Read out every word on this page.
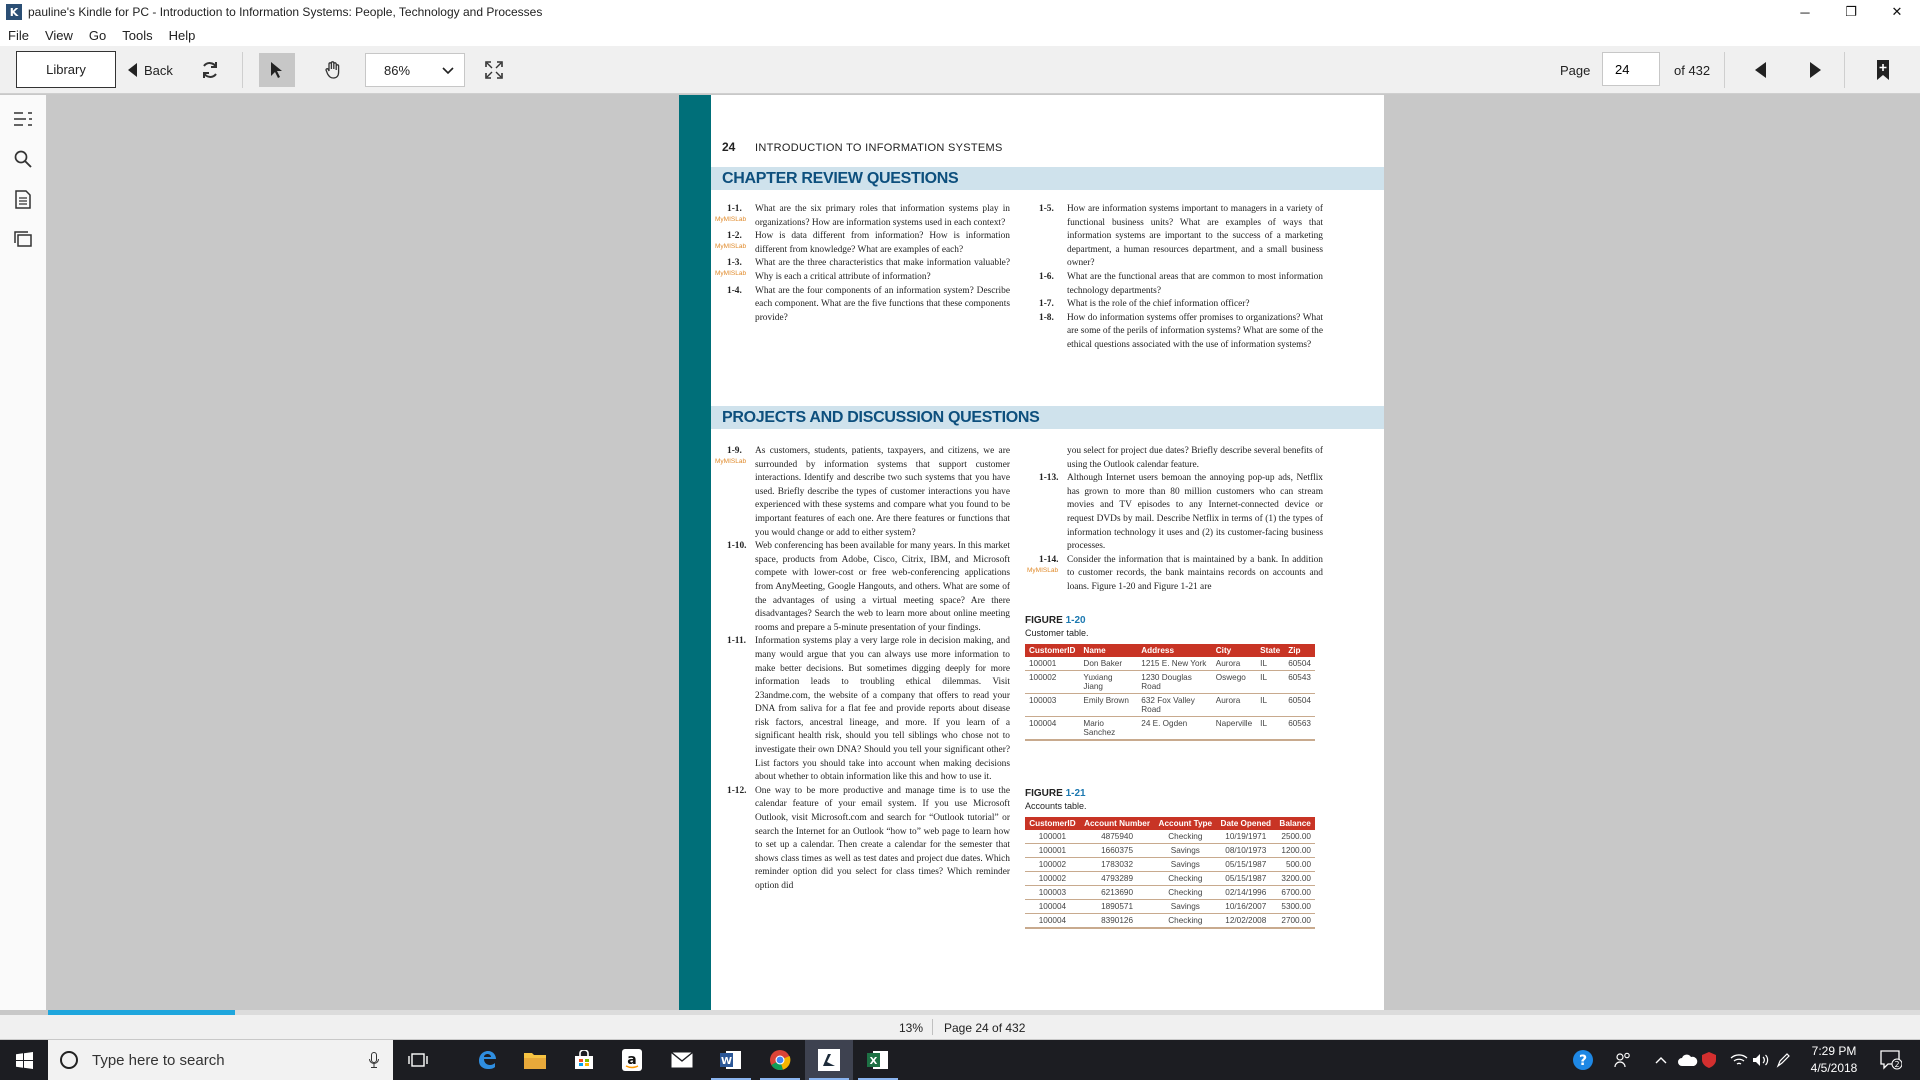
K pauline's Kindle for PC - Introduction to Information Systems: People, Technology and Processes	─	❐	✕
File	View	Go	Tools	Help
Library	Back	86%	Page
24	of 432
24 INTRODUCTION TO INFORMATION SYSTEMS
CHAPTER REVIEW QUESTIONS
1-1.
MyMISLab
What are the six primary roles that information systems play in organizations? How are information systems used in each context?
1-2.
MyMISLab
How is data different from information? How is information different from knowledge? What are examples of each?
1-3.
MyMISLab
What are the three characteristics that make information valuable? Why is each a critical attribute of information?
1-4. What are the four components of an information system? Describe each component. What are the five functions that these components provide?
1-5. How are information systems important to managers in a variety of functional business units? What are examples of ways that information systems are important to the success of a marketing department, a human resources department, and a small business owner?
1-6. What are the functional areas that are common to most information technology departments?
1-7. What is the role of the chief information officer?
1-8. How do information systems offer promises to organizations? What are some of the perils of information systems? What are some of the ethical questions associated with the use of information systems?
PROJECTS AND DISCUSSION QUESTIONS
1-9.
MyMISLab
As customers, students, patients, taxpayers, and citizens, we are surrounded by information systems that support customer interactions. Identify and describe two such systems that you have used. Briefly describe the types of customer interactions you have experienced with these systems and compare what you found to be important features of each one. Are there features or functions that you would change or add to either system?
1-10. Web conferencing has been available for many years. In this market space, products from Adobe, Cisco, Citrix, IBM, and Microsoft compete with lower-cost or free web-conferencing applications from AnyMeeting, Google Hangouts, and others. What are some of the advantages of using a virtual meeting space? Are there disadvantages? Search the web to learn more about online meeting rooms and prepare a 5-minute presentation of your findings.
1-11. Information systems play a very large role in decision making, and many would argue that you can always use more information to make better decisions. But sometimes digging deeply for more information leads to troubling ethical dilemmas. Visit 23andme.com, the website of a company that offers to read your DNA from saliva for a flat fee and provide reports about disease risk factors, ancestral lineage, and more. If you learn of a significant health risk, should you tell siblings who chose not to investigate their own DNA? Should you tell your significant other? List factors you should take into account when making decisions about whether to obtain information like this and how to use it.
1-12. One way to be more productive and manage time is to use the calendar feature of your email system. If you use Microsoft Outlook, visit Microsoft.com and search for “Outlook tutorial” or search the Internet for an Outlook “how to” web page to learn how to set up a calendar. Then create a calendar for the semester that shows class times as well as test dates and project due dates. Which reminder option did you select for class times? Which reminder option did
you select for project due dates? Briefly describe several benefits of using the Outlook calendar feature.
1-13. Although Internet users bemoan the annoying pop-up ads, Netflix has grown to more than 80 million customers who can stream movies and TV episodes to any Internet-connected device or request DVDs by mail. Describe Netflix in terms of (1) the types of information technology it uses and (2) its customer-facing business processes.
1-14.
MyMISLab
Consider the information that is maintained by a bank. In addition to customer records, the bank maintains records on accounts and loans. Figure 1-20 and Figure 1-21 are
FIGURE 1-20
Customer table.
CustomerID	Name	Address	City	State	Zip
100001	Don Baker	1215 E. New York	Aurora	IL	60504
100002	Yuxiang Jiang	1230 Douglas Road	Oswego	IL	60543
100003	Emily Brown	632 Fox Valley Road	Aurora	IL	60504
100004	Mario Sanchez	24 E. Ogden	Naperville	IL	60563
FIGURE 1-21
Accounts table.
CustomerID	Account Number	Account Type	Date Opened	Balance
100001	4875940	Checking	10/19/1971	2500.00
100001	1660375	Savings	08/10/1973	1200.00
100002	1783032	Savings	05/15/1987	500.00
100002	4793289	Checking	05/15/1987	3200.00
100003	6213690	Checking	02/14/1996	6700.00
100004	1890571	Savings	10/16/2007	5300.00
100004	8390126	Checking	12/02/2008	2700.00
13% Page 24 of 432
Type here to search	a	W	X	?
7:29 PM
4/5/2018	2
